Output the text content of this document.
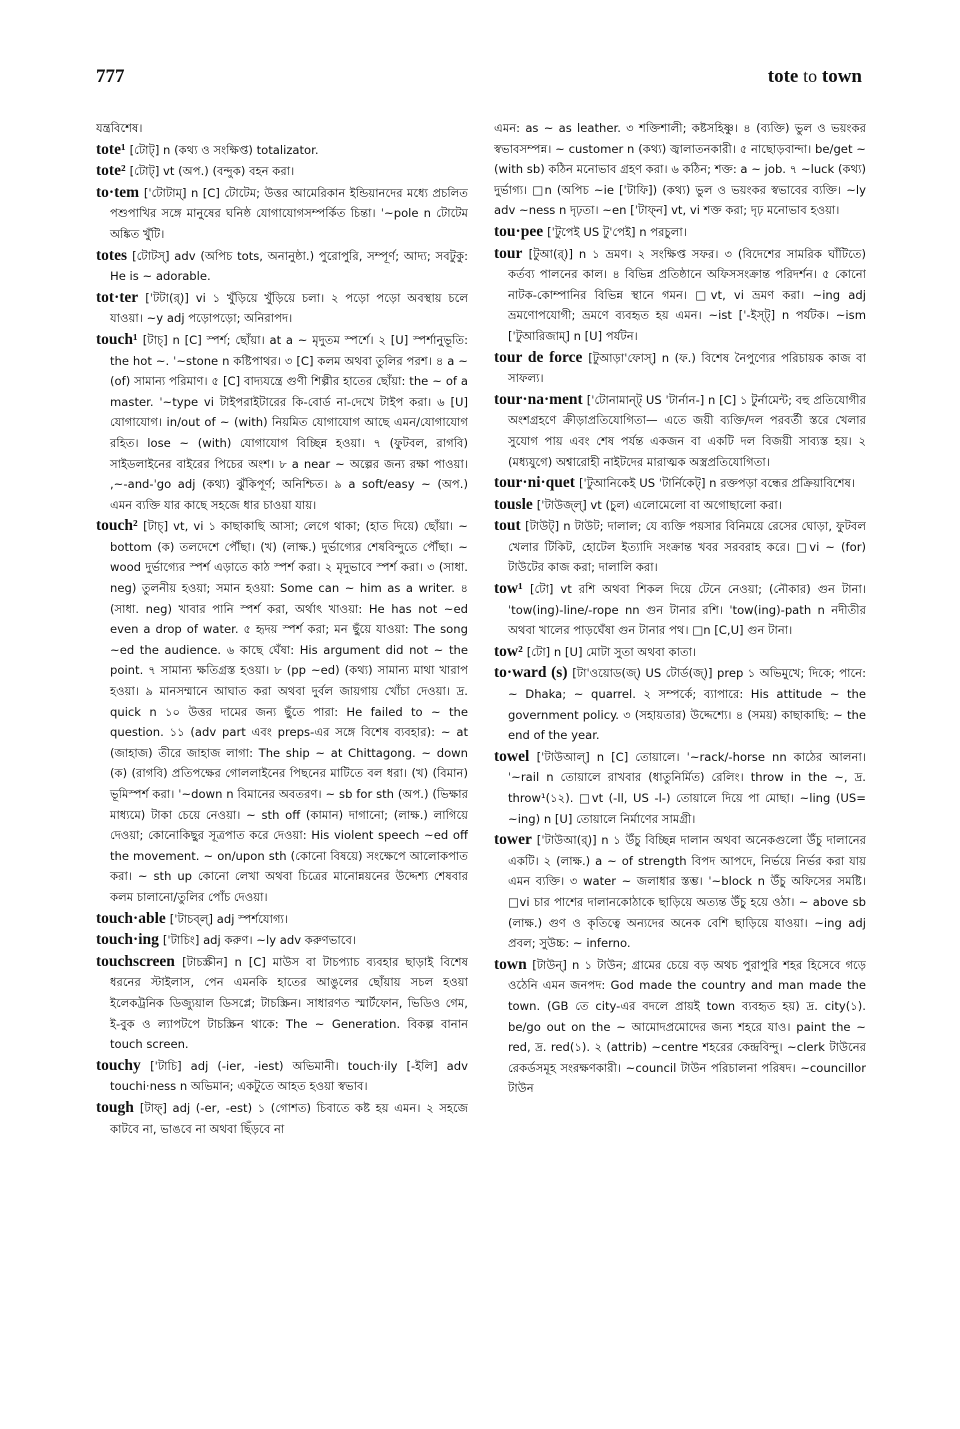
777	tote to town

যন্ত্রবিশেষ।

tote¹ [টোট্] n (কথ্য ও সংক্ষিপ্ত) totalizator.

tote² [টোট্] vt (অপ.) (বন্দুক) বহন করা।

to·tem [ˈটোটাম্] n [C] টোটেম; উত্তর আমেরিকান ইন্ডিয়ানদের মধ্যে প্রচলিত পশুপাখির সঙ্গে মানুষের ঘনিষ্ঠ যোগাযোগসম্পর্কিত চিন্তা। ˈ~pole n টোটেম অঙ্কিত খুঁটি।

totes [টোটস্] adv (অপিচ tots, অনানুষ্ঠা.) পুরোপুরি, সম্পূর্ণ; আদ্য; সবটুকু: He is ~ adorable.

tot·ter [ˈটটা(র্)] vi ১ খুঁড়িয়ে খুঁড়িয়ে চলা। ২ পড়ো পড়ো অবস্থায় চলে যাওয়া। ~y adj পড়োপড়ো; অনিরাপদ।

touch¹ [টাচ্] n [C] স্পর্শ; ছোঁয়া। at a ~ মৃদুতম স্পর্শে। ২ [U] স্পর্শানুভূতি: the hot ~. ˈ~stone n কষ্টিপাথর। ৩ [C] কলম অথবা তুলির পরশ। ৪ a ~ (of) সামান্য পরিমাণ। ৫ [C] বাদ্যযন্ত্রে গুণী শিল্পীর হাতের ছোঁয়া: the ~ of a master. ˈ~type vi টাইপরাইটারের কি-বোর্ড না-দেখে টাইপ করা। ৬ [U] যোগাযোগ। in/out of ~ (with) নিয়মিত যোগাযোগ আছে এমন/যোগাযোগ রহিত। lose ~ (with) যোগাযোগ বিচ্ছিন্ন হওয়া। ৭ (ফুটবল, রাগবি) সাইডলাইনের বাইরের পিচের অংশ। ৮ a near ~ অল্পের জন্য রক্ষা পাওয়া। ,~-and-ˈgo adj (কথ্য) ঝুঁকিপূর্ণ; অনিশ্চিত। ৯ a soft/easy ~ (অপ.) এমন ব্যক্তি যার কাছে সহজে ধার চাওয়া যায়।

touch² [টাচ্] vt, vi ১ কাছাকাছি আসা; লেগে থাকা; (হাত দিয়ে) ছোঁয়া। ~ bottom (ক) তলদেশে পৌঁছা। (খ) (লাক্ষ.) দুর্ভাগ্যের শেষবিন্দুতে পৌঁছা। ~ wood দুর্ভাগ্যের স্পর্শ এড়াতে কাঠ স্পর্শ করা। ২ মৃদুভাবে স্পর্শ করা। ৩ (সাধা. neg) তুলনীয় হওয়া; সমান হওয়া: Some can ~ him as a writer. ৪ (সাধা. neg) খাবার পানি স্পর্শ করা, অর্থাৎ খাওয়া: He has not ~ed even a drop of water. ৫ হৃদয় স্পর্শ করা; মন ছুঁয়ে যাওয়া: The song ~ed the audience. ৬ কাছে ঘেঁষা: His argument did not ~ the point. ৭ সামান্য ক্ষতিগ্রস্ত হওয়া। ৮ (pp ~ed) (কথ্য) সামান্য মাথা খারাপ হওয়া। ৯ মানসম্মানে আঘাত করা অথবা দুর্বল জায়গায় খোঁচা দেওয়া। দ্র. quick n ১০ উত্তর দামের জন্য ছুঁতে পারা: He failed to ~ the question. ১১ (adv part এবং preps-এর সঙ্গে বিশেষ ব্যবহার): ~ at (জাহাজ) তীরে জাহাজ লাগা: The ship ~ at Chittagong. ~ down (ক) (রাগবি) প্রতিপক্ষের গোললাইনের পিছনের মাটিতে বল ধরা। (খ) (বিমান) ভূমিস্পর্শ করা। ˈ~down n বিমানের অবতরণ। ~ sb for sth (অপ.) (ভিক্ষার মাধ্যমে) টাকা চেয়ে নেওয়া। ~ sth off (কামান) দাগানো; (লাক্ষ.) লাগিয়ে দেওয়া; কোনোকিছুর সূত্রপাত করে দেওয়া: His violent speech ~ed off the movement. ~ on/upon sth (কোনো বিষয়ে) সংক্ষেপে আলোকপাত করা। ~ sth up কোনো লেখা অথবা চিত্রের মানোন্নয়নের উদ্দেশ্য শেষবার কলম চালানো/তুলির পোঁচ দেওয়া।

touch·able [ˈটাচব্ল্] adj স্পর্শযোগ্য।

touch·ing [ˈটাচিং] adj করুণ। ~ly adv করুণভাবে।

touchscreen [টাচস্ক্রীন] n [C] মাউস বা টাচপ্যাচ ব্যবহার ছাড়াই বিশেষ ধরনের স্টাইলাস, পেন এমনকি হাতের আঙুলের ছোঁয়ায় সচল হওয়া ইলেকট্রনিক ডিজ্যুয়াল ডিসপ্লে; টাচস্ক্রিন। সাধারণত স্মার্টফোন, ভিডিও গেম, ই-বুক ও ল্যাপটপে টাচস্ক্রিন থাকে: The ~ Generation. বিকল্প বানান touch screen.

touchy [ˈটাচি] adj (-ier, -iest) অভিমানী। touch·ily [-ইলি] adv touchi·ness n অভিমান; একটুতে আহত হওয়া স্বভাব।

tough [টাফ্] adj (-er, -est) ১ (গোশত) চিবাতে কষ্ট হয় এমন। ২ সহজে কাটবে না, ভাঙবে না অথবা ছিঁড়বে না

এমন: as ~ as leather. ৩ শক্তিশালী; কষ্টসহিষ্ণু। ৪ (ব্যক্তি) ভুল ও ভয়ংকর স্বভাবসম্পন্ন। ~ customer n (কথ্য) জ্বালাতনকারী। ৫ নাছোড়বান্দা। be/get ~ (with sb) কঠিন মনোভাব গ্রহণ করা। ৬ কঠিন; শক্ত: a ~ job. ৭ ~luck (কথ্য) দুর্ভাগ্য। □n (অপিচ ~ie [ˈটাফি]) (কথ্য) ভুল ও ভয়ংকর স্বভাবের ব্যক্তি। ~ly adv ~ness n দৃঢ়তা। ~en [ˈটাফ্ন] vt, vi শক্ত করা; দৃঢ় মনোভাব হওয়া।

tou·pee [ˈটুপেই US টুˈপেই] n পরচুলা।

tour [টুআ(র্)] n ১ ভ্রমণ। ২ সংক্ষিপ্ত সফর। ৩ (বিদেশের সামরিক ঘাঁটিতে) কর্তব্য পালনের কাল। ৪ বিভিন্ন প্রতিষ্ঠানে অফিসসংক্রান্ত পরিদর্শন। ৫ কোনো নাটক-কোম্পানির বিভিন্ন স্থানে গমন। □vt, vi ভ্রমণ করা। ~ing adj ভ্রমণোপযোগী; ভ্রমণে ব্যবহৃত হয় এমন। ~ist [ˈ-ইস্ট্] n পর্যটক। ~ism [ˈটুআরিজাম্] n [U] পর্যটন।

tour de force [টুআড়াˈফোস্] n (ফ.) বিশেষ নৈপুণ্যের পরিচায়ক কাজ বা সাফল্য।

tour·na·ment [ˈটোনামান্ট্ US ˈটার্নান-] n [C] ১ টুর্নামেন্ট; বহু প্রতিযোগীর অংশগ্রহণে ক্রীড়াপ্রতিযোগিতা— এতে জয়ী ব্যক্তি/দল পরবর্তী স্তরে খেলার সুযোগ পায় এবং শেষ পর্যন্ত একজন বা একটি দল বিজয়ী সাব্যস্ত হয়। ২ (মধ্যযুগে) অশ্বারোহী নাইটদের মারাত্মক অস্ত্রপ্রতিযোগিতা।

tour·ni·quet [ˈটুআনিকেই US ˈটার্নিকেট্] n রক্তপড়া বন্ধের প্রক্রিয়াবিশেষ।

tousle [ˈটাউজ্ল্] vt (চুল) এলোমেলো বা অগোছালো করা।

tout [টাউট্] n টাউট; দালাল; যে ব্যক্তি পয়সার বিনিময়ে রেসের ঘোড়া, ফুটবল খেলার টিকিট, হোটেল ইত্যাদি সংক্রান্ত খবর সরবরাহ করে। □vi ~ (for) টাউটের কাজ করা; দালালি করা।

tow¹ [টো] vt রশি অথবা শিকল দিয়ে টেনে নেওয়া; (নৌকার) গুন টানা। ˈtow(ing)-line/-rope nn গুন টানার রশি। ˈtow(ing)-path n নদীতীর অথবা খালের পাড়ঘেঁষা গুন টানার পথ। □n [C,U] গুন টানা।

tow² [টো] n [U] মোটা সুতা অথবা কাতা।

to·ward (s) [টাˈওয়োড(জ্) US টোর্ড(জ্)] prep ১ অভিমুখে; দিকে; পানে: ~ Dhaka; ~ quarrel. ২ সম্পর্কে; ব্যাপারে: His attitude ~ the government policy. ৩ (সহায়তার) উদ্দেশ্যে। ৪ (সময়) কাছাকাছি: ~ the end of the year.

towel [ˈটাউআল্] n [C] তোয়ালে। ˈ~rack/-horse nn কাঠের আলনা। ˈ~rail n তোয়ালে রাখবার (ধাতুনির্মিত) রেলিং। throw in the ~, দ্র. throw¹(১২). □vt (-ll, US -l-) তোয়ালে দিয়ে পা মোছা। ~ling (US= ~ing) n [U] তোয়ালে নির্মাণের সামগ্রী।

tower [ˈটাউআ(র্)] n ১ উঁচু বিচ্ছিন্ন দালান অথবা অনেকগুলো উঁচু দালানের একটি। ২ (লাক্ষ.) a ~ of strength বিপদ আপদে, নির্ভয়ে নির্ভর করা যায় এমন ব্যক্তি। ৩ water ~ জলাধার স্তম্ভ। ˈ~block n উঁচু অফিসের সমষ্টি। □vi চার পাশের দালানকোঠাকে ছাড়িয়ে অত্যন্ত উঁচু হয়ে ওঠা। ~ above sb (লাক্ষ.) গুণ ও কৃতিত্বে অন্যদের অনেক বেশি ছাড়িয়ে যাওয়া। ~ing adj প্রবল; সুউচ্চ: ~ inferno.

town [টাউন্] n ১ টাউন; গ্রামের চেয়ে বড় অথচ পুরাপুরি শহর হিসেবে গড়ে ওঠেনি এমন জনপদ: God made the country and man made the town. (GB তে city-এর বদলে প্রায়ই town ব্যবহৃত হয়) দ্র. city(১). be/go out on the ~ আমোদপ্রমোদের জন্য শহরে যাও। paint the ~ red, দ্র. red(১). ২ (attrib) ~centre শহরের কেন্দ্রবিন্দু। ~clerk টাউনের রেকর্ডসমূহ সংরক্ষণকারী। ~council টাউন পরিচালনা পরিষদ। ~councillor টাউন
